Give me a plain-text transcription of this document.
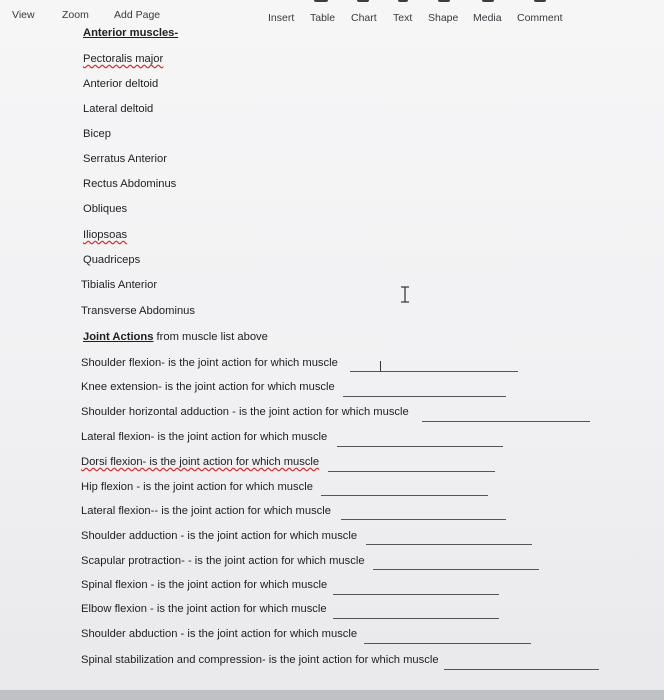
View	Zoom Add Page	Insert Table Chart Text Shape Media Comment
Anterior muscles-
Pectoralis major
Anterior deltoid
Lateral deltoid
Bicep
Serratus Anterior
Rectus Abdominus
Obliques
Iliopsoas
Quadriceps
Tibialis Anterior
Transverse Abdominus
Joint Actions from muscle list above
Shoulder flexion- is the joint action for which muscle
Knee extension- is the joint action for which muscle
Shoulder horizontal adduction - is the joint action for which muscle
Lateral flexion- is the joint action for which muscle
Dorsi flexion- is the joint action for which muscle
Hip flexion - is the joint action for which muscle
Lateral flexion-- is the joint action for which muscle
Shoulder adduction - is the joint action for which muscle
Scapular protraction- - is the joint action for which muscle
Spinal flexion - is the joint action for which muscle
Elbow flexion - is the joint action for which muscle
Shoulder abduction - is the joint action for which muscle
Spinal stabilization and compression- is the joint action for which muscle
